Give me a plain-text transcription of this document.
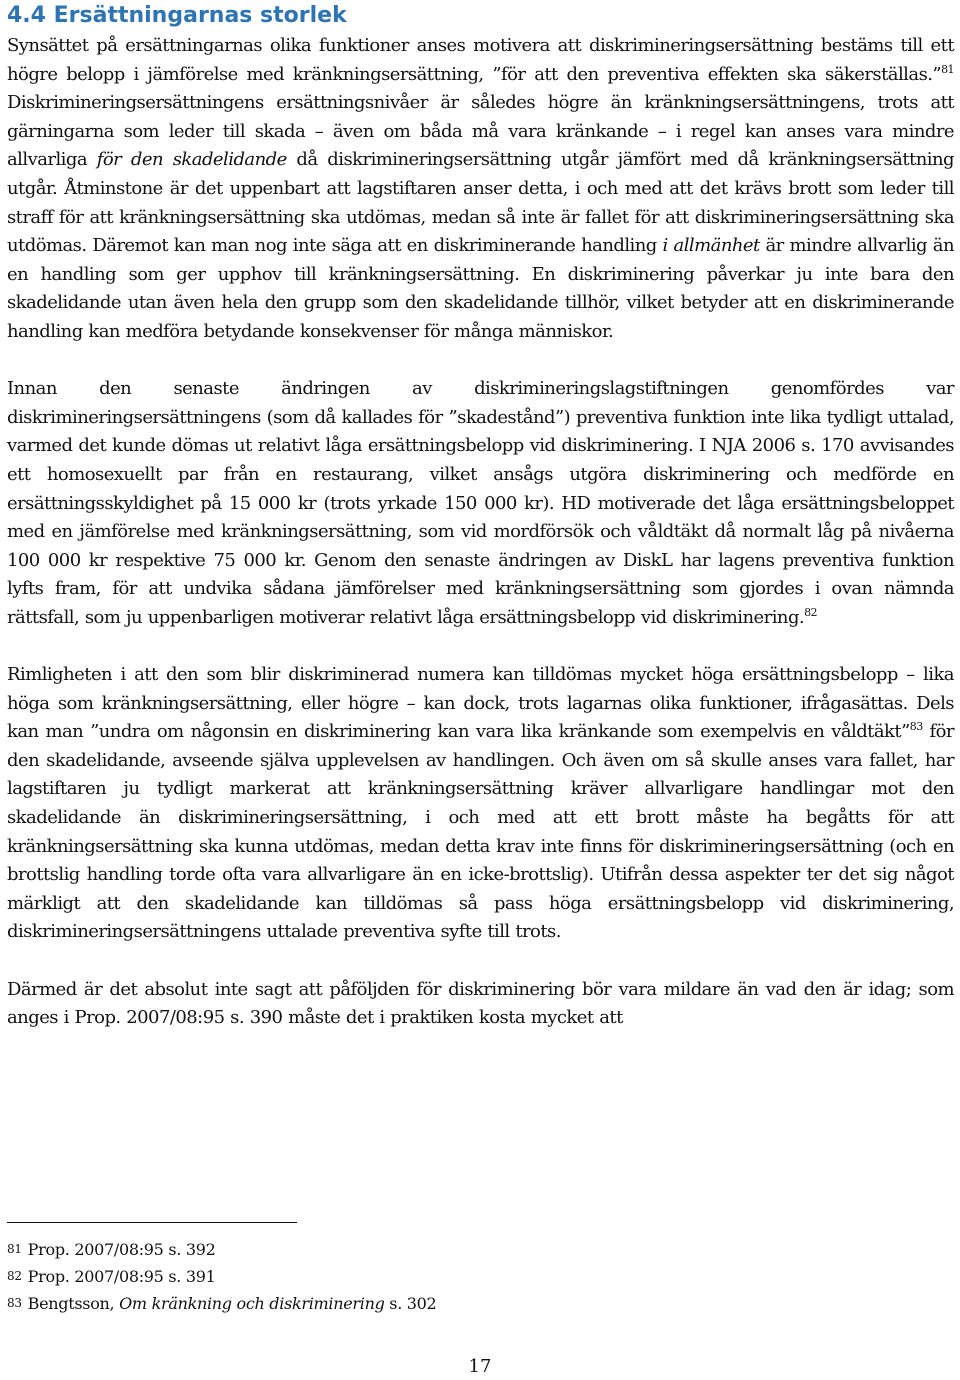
4.4 Ersättningarnas storlek

Synsättet på ersättningarnas olika funktioner anses motivera att diskrimineringsersättning bestäms till ett högre belopp i jämförelse med kränkningsersättning, ”för att den preventiva effekten ska säkerställas.”$^{81}$ Diskrimineringsersättningens ersättningsnivåer är således högre än kränkningsersättningens, trots att gärningarna som leder till skada – även om båda må vara kränkande – i regel kan anses vara mindre allvarliga för den skadelidande då diskrimineringsersättning utgår jämfört med då kränkningsersättning utgår. Åtminstone är det uppenbart att lagstiftaren anser detta, i och med att det krävs brott som leder till straff för att kränkningsersättning ska utdömas, medan så inte är fallet för att diskrimineringsersättning ska utdömas. Däremot kan man nog inte säga att en diskriminerande handling i allmänhet är mindre allvarlig än en handling som ger upphov till kränkningsersättning. En diskriminering påverkar ju inte bara den skadelidande utan även hela den grupp som den skadelidande tillhör, vilket betyder att en diskriminerande handling kan medföra betydande konsekvenser för många människor.

Innan den senaste ändringen av diskrimineringslagstiftningen genomfördes var diskrimineringsersättningens (som då kallades för ”skadestånd”) preventiva funktion inte lika tydligt uttalad, varmed det kunde dömas ut relativt låga ersättningsbelopp vid diskriminering. I NJA 2006 s. 170 avvisandes ett homosexuellt par från en restaurang, vilket ansågs utgöra diskriminering och medförde en ersättningsskyldighet på 15 000 kr (trots yrkade 150 000 kr). HD motiverade det låga ersättningsbeloppet med en jämförelse med kränkningsersättning, som vid mordförsök och våldtäkt då normalt låg på nivåerna 100 000 kr respektive 75 000 kr. Genom den senaste ändringen av DiskL har lagens preventiva funktion lyfts fram, för att undvika sådana jämförelser med kränkningsersättning som gjordes i ovan nämnda rättsfall, som ju uppenbarligen motiverar relativt låga ersättningsbelopp vid diskriminering.$^{82}$

Rimligheten i att den som blir diskriminerad numera kan tilldömas mycket höga ersättningsbelopp – lika höga som kränkningsersättning, eller högre – kan dock, trots lagarnas olika funktioner, ifrågasättas. Dels kan man ”undra om någonsin en diskriminering kan vara lika kränkande som exempelvis en våldtäkt”$^{83}$ för den skadelidande, avseende själva upplevelsen av handlingen. Och även om så skulle anses vara fallet, har lagstiftaren ju tydligt markerat att kränkningsersättning kräver allvarligare handlingar mot den skadelidande än diskrimineringsersättning, i och med att ett brott måste ha begåtts för att kränkningsersättning ska kunna utdömas, medan detta krav inte finns för diskrimineringsersättning (och en brottslig handling torde ofta vara allvarligare än en icke-brottslig). Utifrån dessa aspekter ter det sig något märkligt att den skadelidande kan tilldömas så pass höga ersättningsbelopp vid diskriminering, diskrimineringsersättningens uttalade preventiva syfte till trots.

Därmed är det absolut inte sagt att påföljden för diskriminering bör vara mildare än vad den är idag; som anges i Prop. 2007/08:95 s. 390 måste det i praktiken kosta mycket att

81 Prop. 2007/08:95 s. 392
82 Prop. 2007/08:95 s. 391
83 Bengtsson, Om kränkning och diskriminering s. 302
17
